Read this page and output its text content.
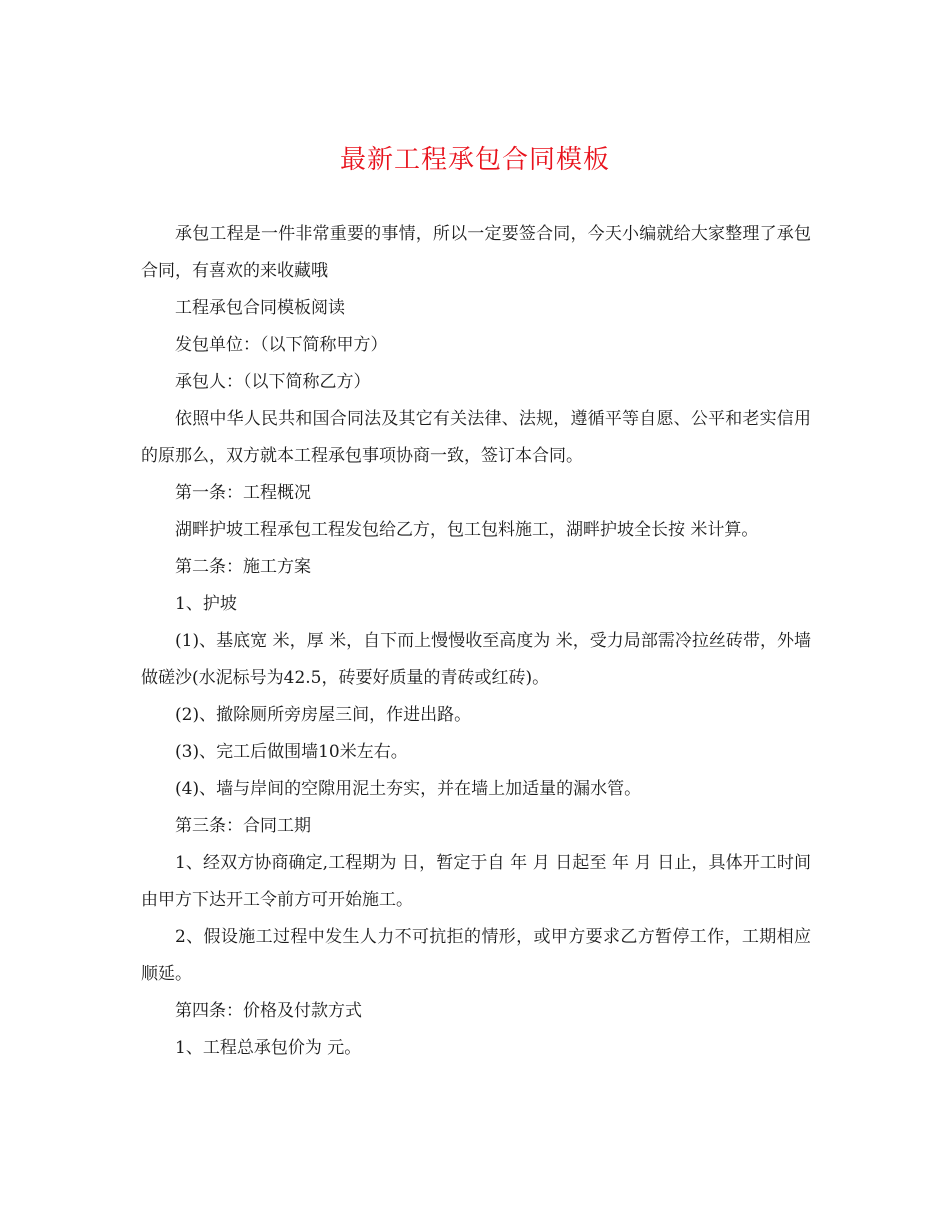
最新工程承包合同模板

承包工程是一件非常重要的事情，所以一定要签合同，今天小编就给大家整理了承包合同，有喜欢的来收藏哦

工程承包合同模板阅读

发包单位：（以下简称甲方）

承包人：（以下简称乙方）

依照中华人民共和国合同法及其它有关法律、法规，遵循平等自愿、公平和老实信用的原那么，双方就本工程承包事项协商一致，签订本合同。

第一条：工程概况

湖畔护坡工程承包工程发包给乙方，包工包料施工，湖畔护坡全长按 米计算。

第二条：施工方案

1、护坡

(1)、基底宽 米，厚 米，自下而上慢慢收至高度为 米，受力局部需冷拉丝砖带，外墙做磋沙(水泥标号为42.5，砖要好质量的青砖或红砖)。

(2)、撤除厕所旁房屋三间，作进出路。

(3)、完工后做围墙10米左右。

(4)、墙与岸间的空隙用泥土夯实，并在墙上加适量的漏水管。

第三条：合同工期

1、经双方协商确定,工程期为 日，暂定于自 年 月 日起至 年 月 日止，具体开工时间由甲方下达开工令前方可开始施工。

2、假设施工过程中发生人力不可抗拒的情形，或甲方要求乙方暂停工作，工期相应顺延。

第四条：价格及付款方式

1、工程总承包价为 元。
